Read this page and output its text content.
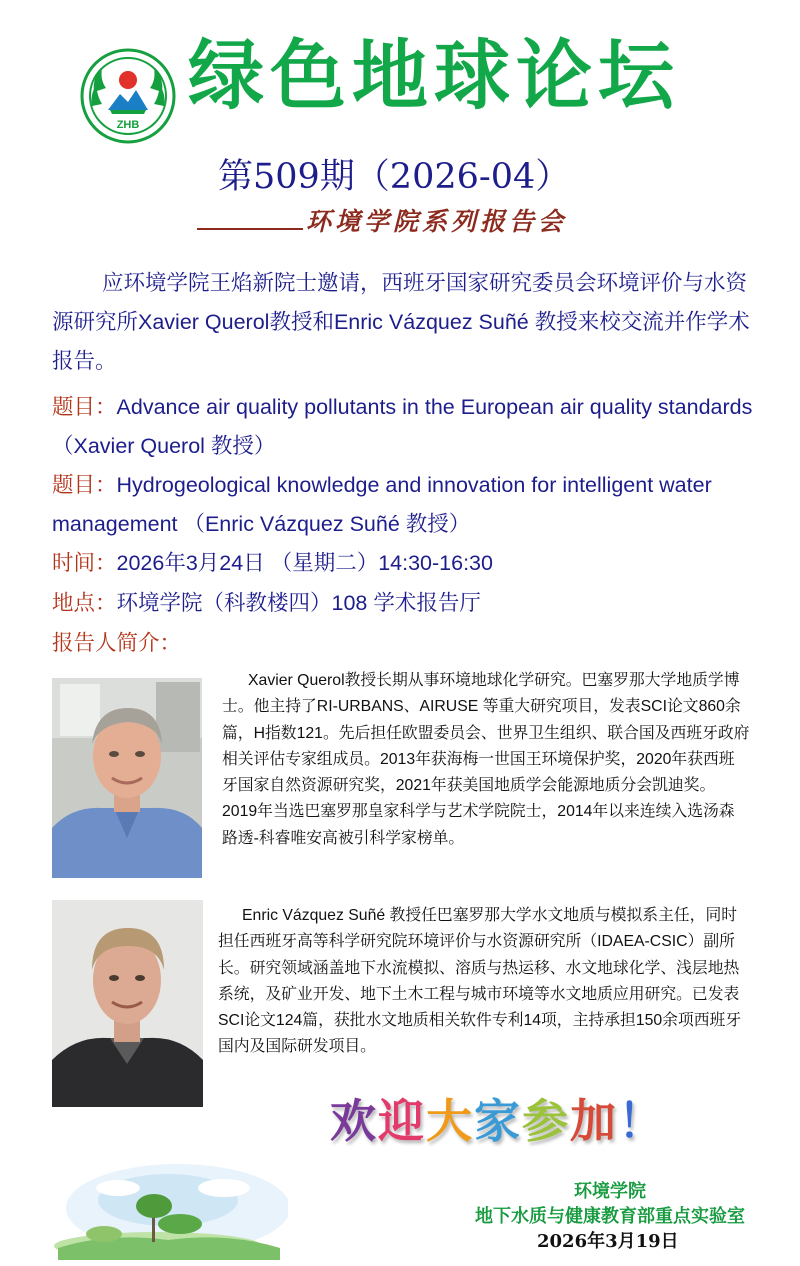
ZHB
绿色地球论坛
第509期（2026-04）
环境学院系列报告会
应环境学院王焰新院士邀请，西班牙国家研究委员会环境评价与水资源研究所Xavier Querol教授和Enric Vázquez Suñé 教授来校交流并作学术报告。
题目：Advance air quality pollutants in the European air quality standards （Xavier Querol 教授）
题目：Hydrogeological knowledge and innovation for intelligent water management （Enric Vázquez Suñé 教授）
时间：2026年3月24日 （星期二）14:30-16:30
地点：环境学院（科教楼四）108 学术报告厅
报告人简介：
Xavier Querol教授长期从事环境地球化学研究。巴塞罗那大学地质学博士。他主持了RI-URBANS、AIRUSE 等重大研究项目，发表SCI论文860余篇，H指数121。先后担任欧盟委员会、世界卫生组织、联合国及西班牙政府相关评估专家组成员。2013年获海梅一世国王环境保护奖，2020年获西班牙国家自然资源研究奖，2021年获美国地质学会能源地质分会凯迪奖。2019年当选巴塞罗那皇家科学与艺术学院院士，2014年以来连续入选汤森路透-科睿唯安高被引科学家榜单。
Enric Vázquez Suñé 教授任巴塞罗那大学水文地质与模拟系主任，同时担任西班牙高等科学研究院环境评价与水资源研究所（IDAEA-CSIC）副所长。研究领域涵盖地下水流模拟、溶质与热运移、水文地球化学、浅层地热系统，及矿业开发、地下土木工程与城市环境等水文地质应用研究。已发表SCI论文124篇，获批水文地质相关软件专利14项，主持承担150余项西班牙国内及国际研发项目。
欢迎大家参加！
环境学院
地下水质与健康教育部重点实验室
2026年3月19日
